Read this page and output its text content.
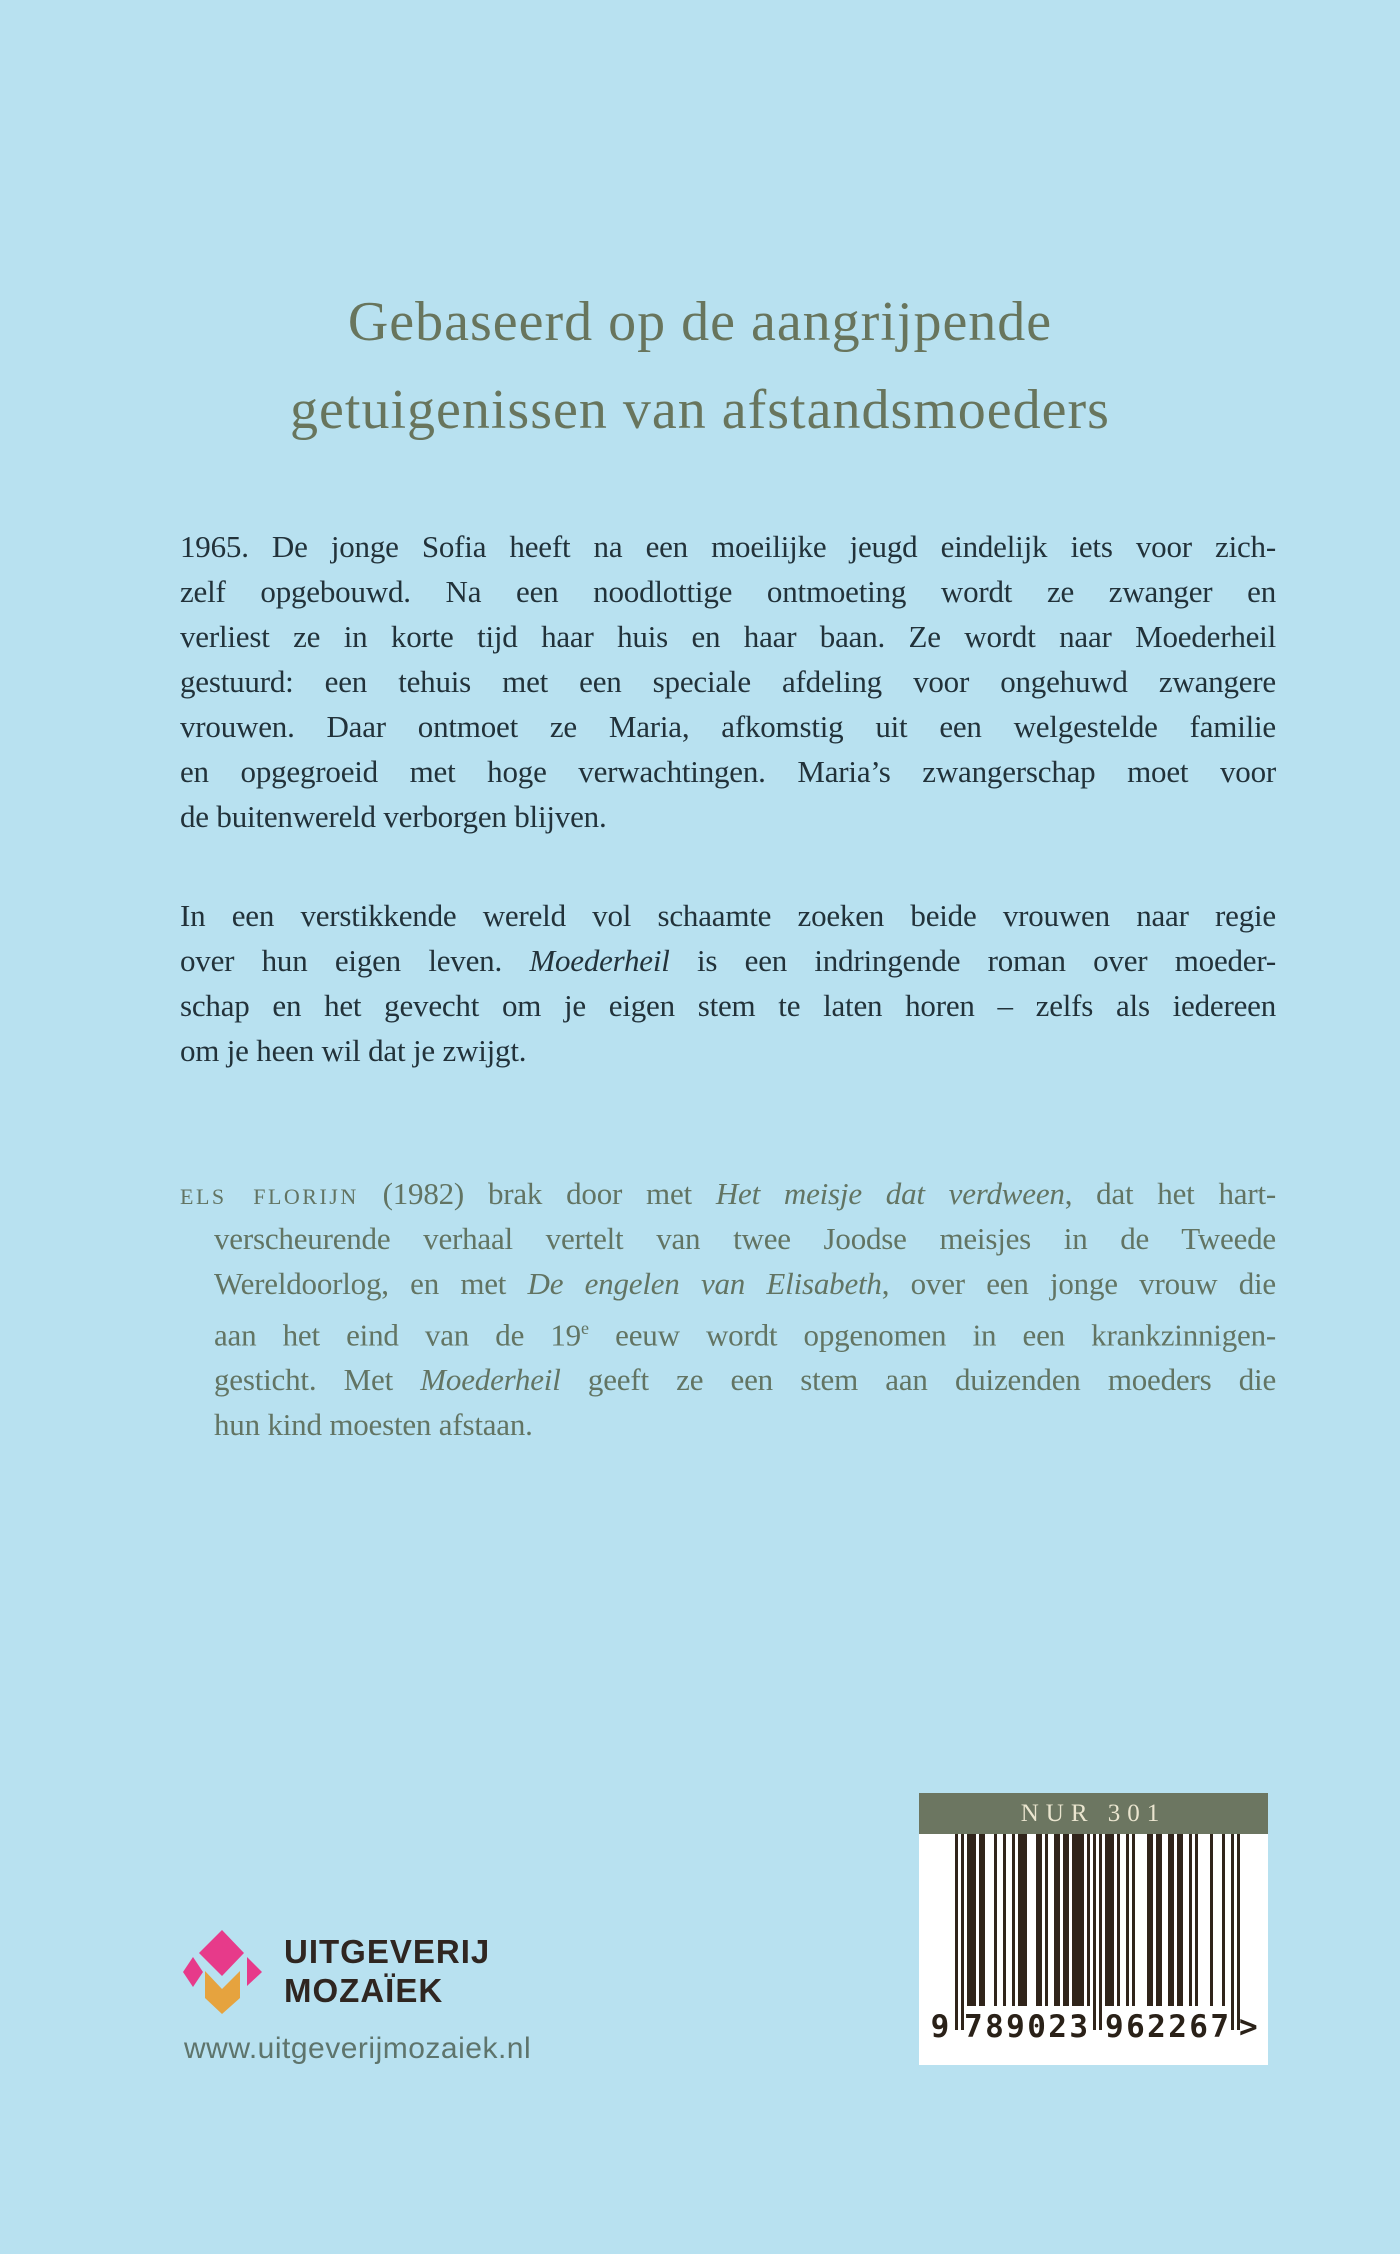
Gebaseerd op de aangrijpende
getuigenissen van afstandsmoeders
1965. De jonge Sofia heeft na een moeilijke jeugd eindelijk iets voor zich-
zelf opgebouwd. Na een noodlottige ontmoeting wordt ze zwanger en
verliest ze in korte tijd haar huis en haar baan. Ze wordt naar Moederheil
gestuurd: een tehuis met een speciale afdeling voor ongehuwd zwangere
vrouwen. Daar ontmoet ze Maria, afkomstig uit een welgestelde familie
en opgegroeid met hoge verwachtingen. Maria’s zwangerschap moet voor
de buitenwereld verborgen blijven.
In een verstikkende wereld vol schaamte zoeken beide vrouwen naar regie
over hun eigen leven. Moederheil is een indringende roman over moeder-
schap en het gevecht om je eigen stem te laten horen – zelfs als iedereen
om je heen wil dat je zwijgt.
els florijn (1982) brak door met Het meisje dat verdween, dat het hart-
verscheurende verhaal vertelt van twee Joodse meisjes in de Tweede
Wereldoorlog, en met De engelen van Elisabeth, over een jonge vrouw die
aan het eind van de 19e eeuw wordt opgenomen in een krankzinnigen-
gesticht. Met Moederheil geeft ze een stem aan duizenden moeders die
hun kind moesten afstaan.
UITGEVERIJ
MOZAÏEK
www.uitgeverijmozaiek.nl
NUR 301
9 789023 962267 >
